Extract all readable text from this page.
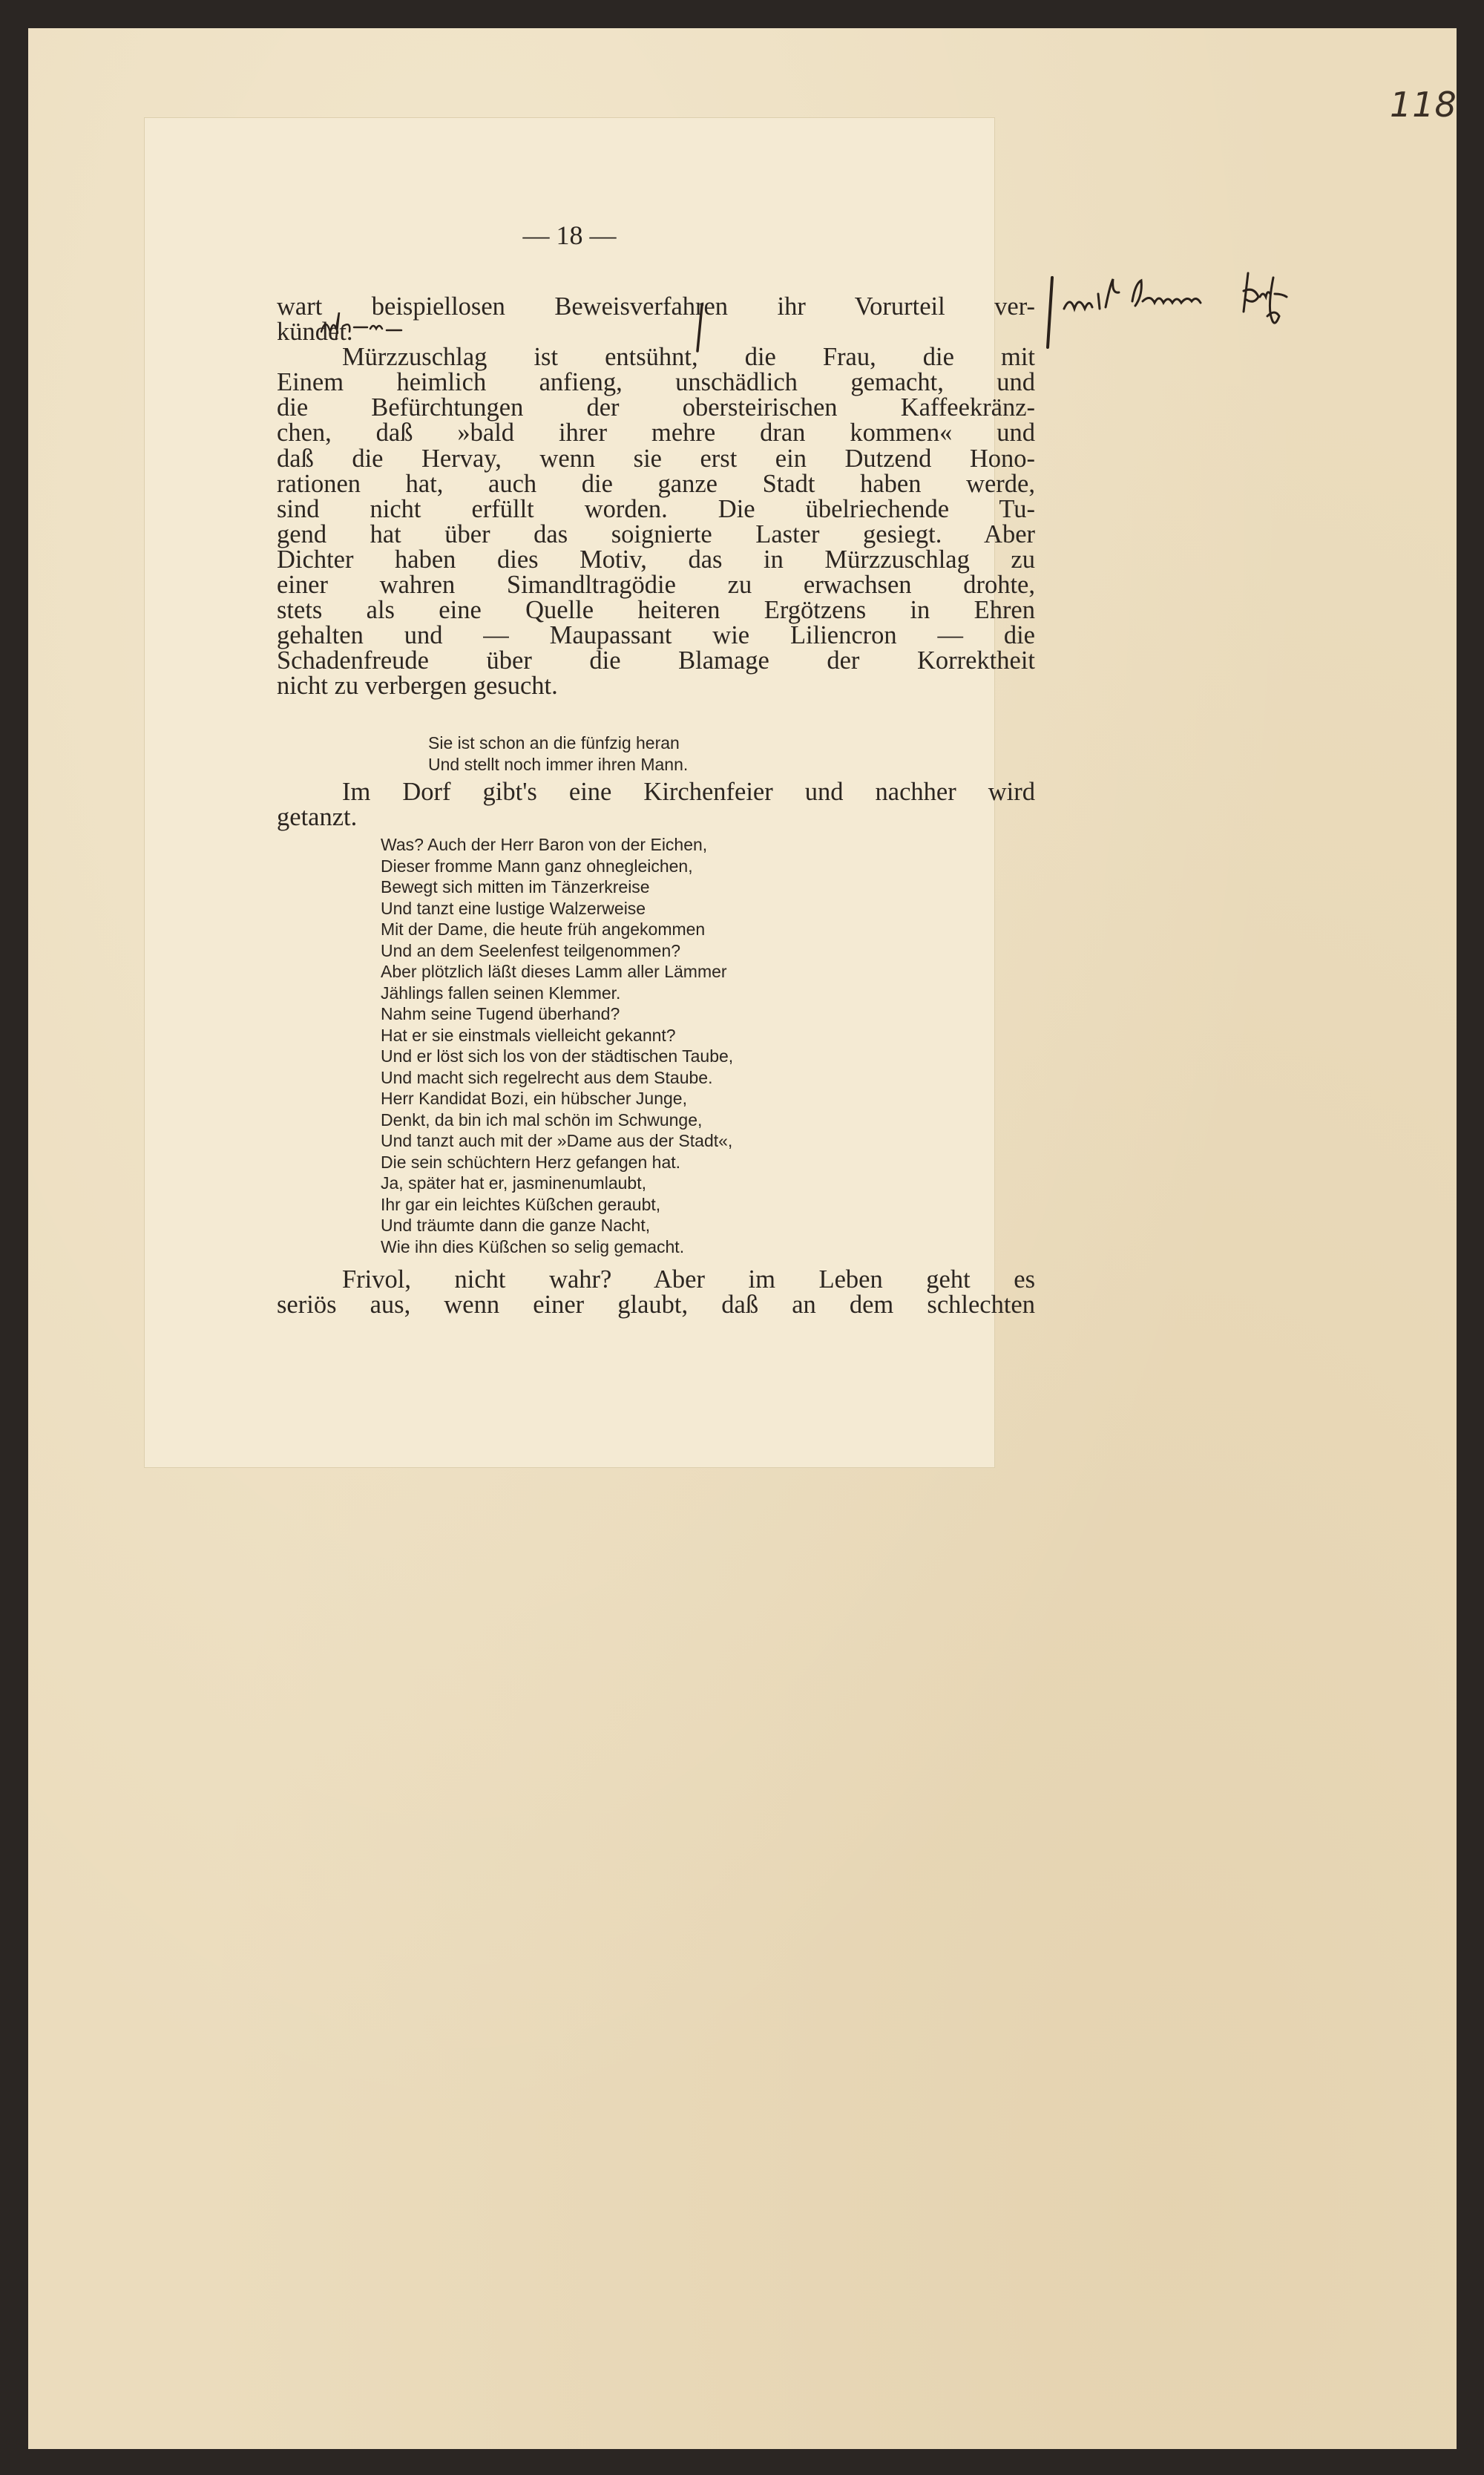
118
— 18 —

wart beispiellosen Beweisverfahren ihr Vorurteil ver-

kündet.

Mürzzuschlag ist entsühnt, die Frau, die mit

Einem heimlich anfieng, unschädlich gemacht, und

die Befürchtungen der obersteirischen Kaffeekränz-

chen, daß »bald ihrer mehre dran kommen« und

daß die Hervay, wenn sie erst ein Dutzend Hono-

rationen hat, auch die ganze Stadt haben werde,

sind nicht erfüllt worden. Die übelriechende Tu-

gend hat über das soignierte Laster gesiegt. Aber

Dichter haben dies Motiv, das in Mürzzuschlag zu

einer wahren Simandltragödie zu erwachsen drohte,

stets als eine Quelle heiteren Ergötzens in Ehren

gehalten und — Maupassant wie Liliencron — die

Schadenfreude über die Blamage der Korrektheit

nicht zu verbergen gesucht.

Sie ist schon an die fünfzig heran
Und stellt noch immer ihren Mann.

Im Dorf gibt's eine Kirchenfeier und nachher wird

getanzt.

Was? Auch der Herr Baron von der Eichen,
Dieser fromme Mann ganz ohnegleichen,
Bewegt sich mitten im Tänzerkreise
Und tanzt eine lustige Walzerweise
Mit der Dame, die heute früh angekommen
Und an dem Seelenfest teilgenommen?
Aber plötzlich läßt dieses Lamm aller Lämmer
Jählings fallen seinen Klemmer.
Nahm seine Tugend überhand?
Hat er sie einstmals vielleicht gekannt?
Und er löst sich los von der städtischen Taube,
Und macht sich regelrecht aus dem Staube.
Herr Kandidat Bozi, ein hübscher Junge,
Denkt, da bin ich mal schön im Schwunge,
Und tanzt auch mit der »Dame aus der Stadt«,
Die sein schüchtern Herz gefangen hat.
Ja, später hat er, jasminenumlaubt,
Ihr gar ein leichtes Küßchen geraubt,
Und träumte dann die ganze Nacht,
Wie ihn dies Küßchen so selig gemacht.

Frivol, nicht wahr? Aber im Leben geht es

seriös aus, wenn einer glaubt, daß an dem schlechten
